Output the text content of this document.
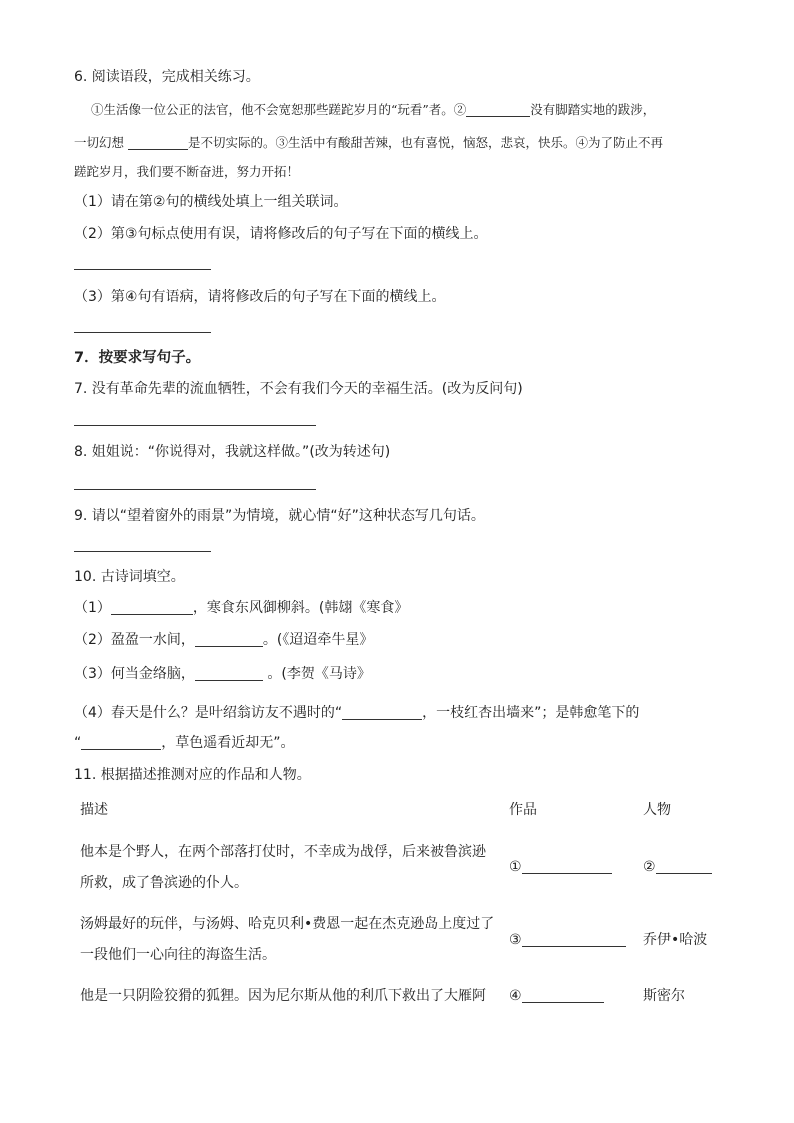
6. 阅读语段，完成相关练习。
①生活像一位公正的法官，他不会宽恕那些蹉跎岁月的“玩看”者。②	没有脚踏实地的跋涉，
一切幻想	是不切实际的。③生活中有酸甜苦辣，也有喜悦，恼怒，悲哀，快乐。④为了防止不再
蹉跎岁月，我们要不断奋进，努力开拓！
（1）请在第②句的横线处填上一组关联词。
（2）第③句标点使用有误，请将修改后的句子写在下面的横线上。
（3）第④句有语病，请将修改后的句子写在下面的横线上。
7．按要求写句子。
7. 没有革命先辈的流血牺牲，不会有我们今天的幸福生活。(改为反问句)
8. 姐姐说：“你说得对，我就这样做。”(改为转述句)
9. 请以“望着窗外的雨景”为情境，就心情“好”这种状态写几句话。
10. 古诗词填空。
（1）	，寒食东风御柳斜。(韩翃《寒食》
（2）盈盈一水间，	。(《迢迢牵牛星》
（3）何当金络脑，	。(李贺《马诗》
（4）春天是什么？是叶绍翁访友不遇时的“	，一枝红杏出墙来”；是韩愈笔下的
“	，草色遥看近却无”。
11. 根据描述推测对应的作品和人物。
描述	作品	人物
他本是个野人，在两个部落打仗时，不幸成为战俘，后来被鲁滨逊
所救，成了鲁滨逊的仆人。
①	②
汤姆最好的玩伴，与汤姆、哈克贝利•费恩一起在杰克逊岛上度过了
一段他们一心向往的海盗生活。
③	乔伊•哈波
他是一只阴险狡猾的狐狸。因为尼尔斯从他的利爪下救出了大雁阿 ④	斯密尔
